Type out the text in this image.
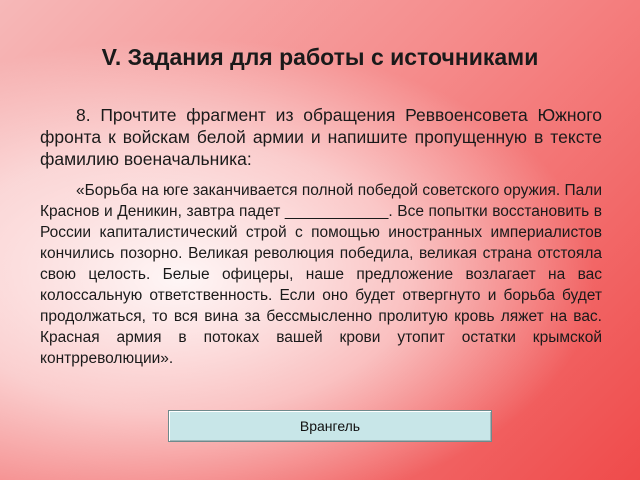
V. Задания для работы с источниками

8. Прочтите фрагмент из обращения Реввоенсовета Южного фронта к войскам белой армии и напишите пропущенную в тексте фамилию военачальника:

«Борьба на юге заканчивается полной победой советского оружия. Пали Краснов и Деникин, завтра падет ____________. Все попытки восстановить в России капиталистический строй с помощью иностранных империалистов кончились позорно. Великая революция победила, великая страна отстояла свою целость. Белые офицеры, наше предложение возлагает на вас колоссальную ответственность. Если оно будет отвергнуто и борьба будет продолжаться, то вся вина за бессмысленно пролитую кровь ляжет на вас. Красная армия в потоках вашей крови утопит остатки крымской контрреволюции».

Врангель
